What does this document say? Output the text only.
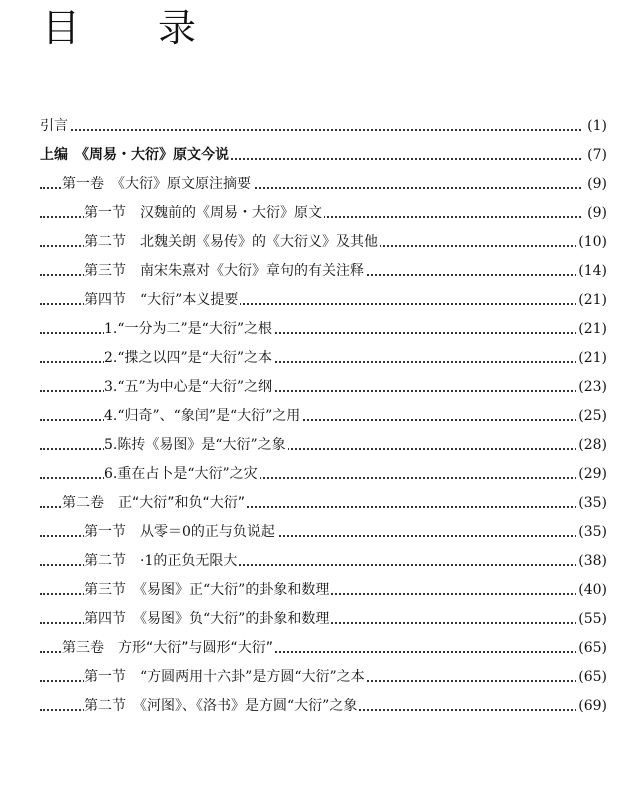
目 录
引言	(1)
上编　《周易・大衍》原文今说	(7)
第一卷　《大衍》原文原注摘要	(9)
第一节　汉魏前的《周易・大衍》原文	(9)
第二节　北魏关朗《易传》的《大衍义》及其他	(10)
第三节　南宋朱熹对《大衍》章句的有关注释	(14)
第四节　“大衍”本义提要	(21)
1.“一分为二”是“大衍”之根	(21)
2.“揲之以四”是“大衍”之本	(21)
3.“五”为中心是“大衍”之纲	(23)
4.“归奇”、“象闰”是“大衍”之用	(25)
5.陈抟《易图》是“大衍”之象	(28)
6.重在占卜是“大衍”之灾	(29)
第二卷　正“大衍”和负“大衍”	(35)
第一节　从零＝0的正与负说起	(35)
第二节　·1的正负无限大	(38)
第三节　《易图》正“大衍”的卦象和数理	(40)
第四节　《易图》负“大衍”的卦象和数理	(55)
第三卷　方形“大衍”与圆形“大衍”	(65)
第一节　“方圆两用十六卦”是方圆“大衍”之本	(65)
第二节　《河图》、《洛书》是方圆“大衍”之象	(69)
